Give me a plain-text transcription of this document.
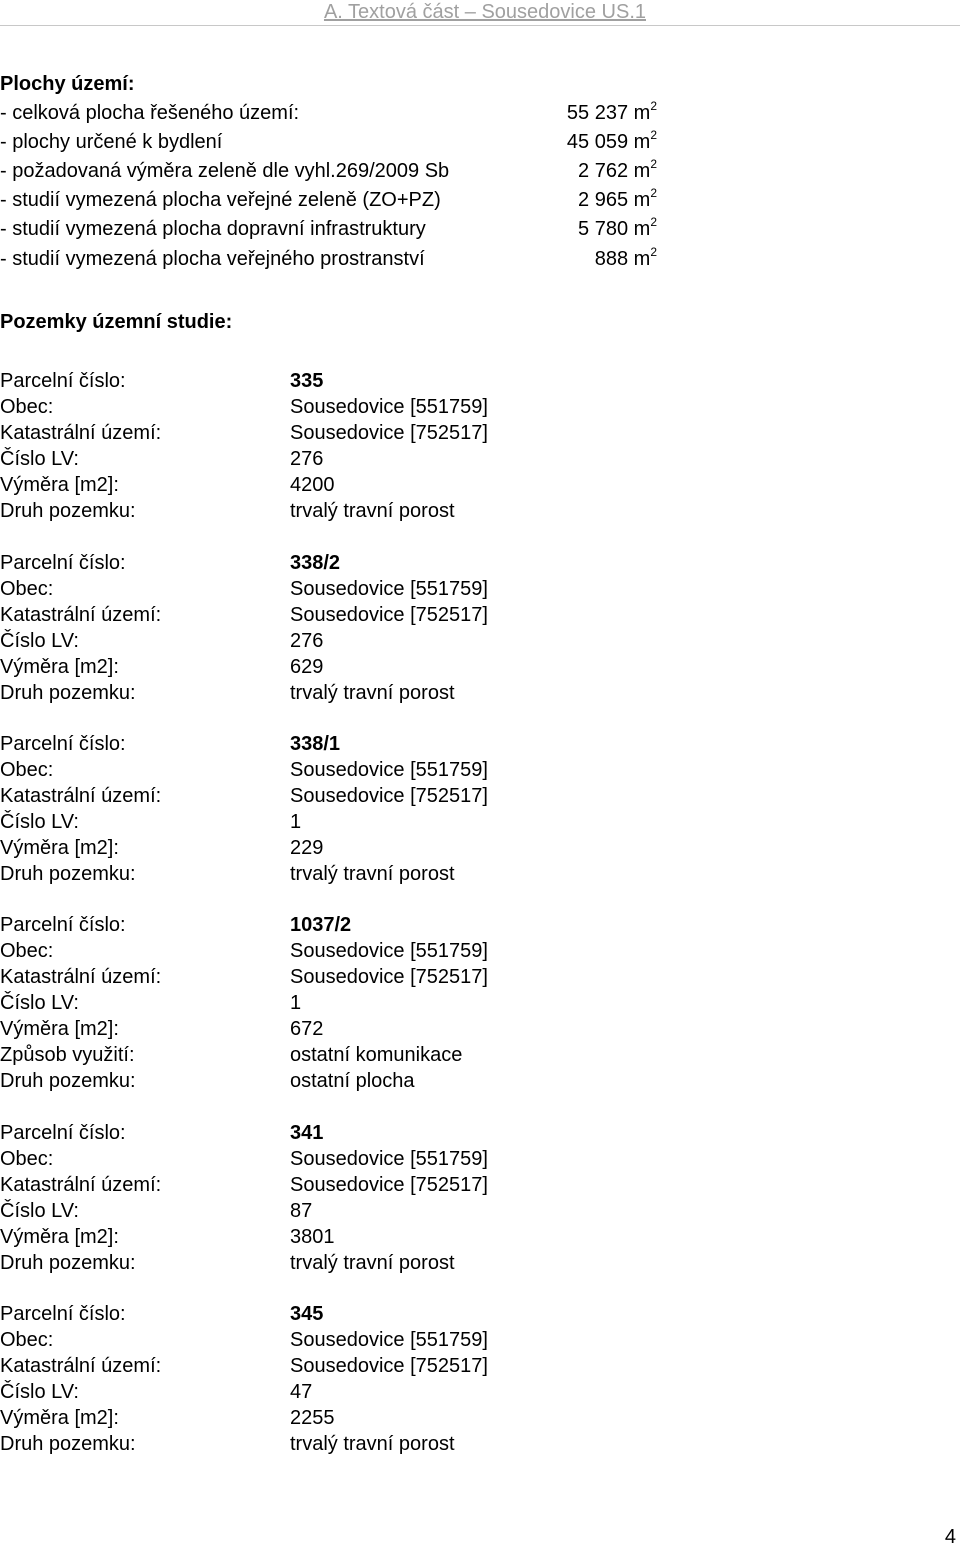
A. Textová část – Sousedovice US.1
Plochy území:
- celková plocha řešeného území:	55 237 $m^2$
- plochy určené k bydlení	45 059 $m^2$
- požadovaná výměra zeleně dle vyhl.269/2009 Sb	2 762 $m^2$
- studií vymezená plocha veřejné zeleně (ZO+PZ)	2 965 $m^2$
- studií vymezená plocha dopravní infrastruktury	5 780 $m^2$
- studií vymezená plocha veřejného prostranství	888 $m^2$
Pozemky územní studie:
Parcelní číslo:	335
Obec:	Sousedovice [551759]
Katastrální území:	Sousedovice [752517]
Číslo LV:	276
Výměra [m2]:	4200
Druh pozemku:	trvalý travní porost
Parcelní číslo:	338/2
Obec:	Sousedovice [551759]
Katastrální území:	Sousedovice [752517]
Číslo LV:	276
Výměra [m2]:	629
Druh pozemku:	trvalý travní porost
Parcelní číslo:	338/1
Obec:	Sousedovice [551759]
Katastrální území:	Sousedovice [752517]
Číslo LV:	1
Výměra [m2]:	229
Druh pozemku:	trvalý travní porost
Parcelní číslo:	1037/2
Obec:	Sousedovice [551759]
Katastrální území:	Sousedovice [752517]
Číslo LV:	1
Výměra [m2]:	672
Způsob využití:	ostatní komunikace
Druh pozemku:	ostatní plocha
Parcelní číslo:	341
Obec:	Sousedovice [551759]
Katastrální území:	Sousedovice [752517]
Číslo LV:	87
Výměra [m2]:	3801
Druh pozemku:	trvalý travní porost
Parcelní číslo:	345
Obec:	Sousedovice [551759]
Katastrální území:	Sousedovice [752517]
Číslo LV:	47
Výměra [m2]:	2255
Druh pozemku:	trvalý travní porost
4
